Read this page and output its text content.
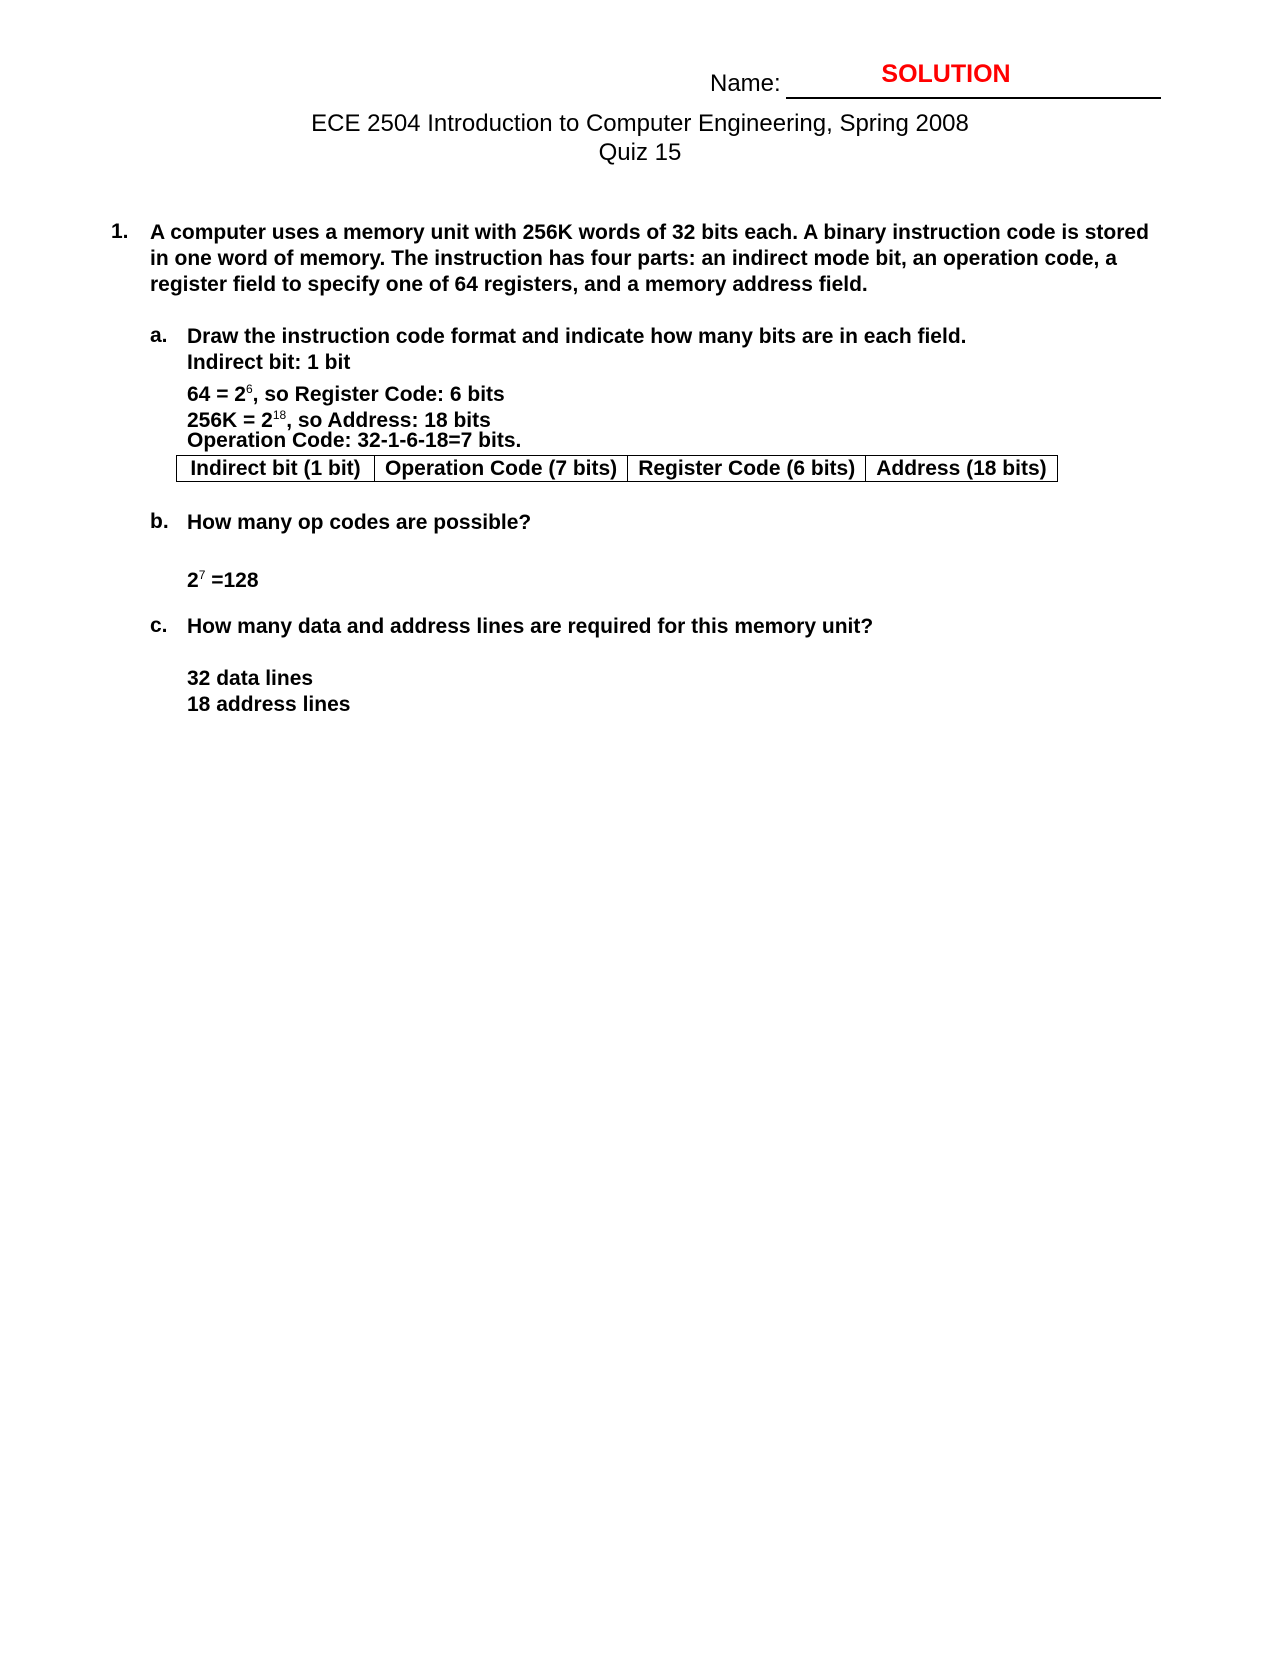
Name:	SOLUTION
ECE 2504 Introduction to Computer Engineering, Spring 2008
Quiz 15
1. A computer uses a memory unit with 256K words of 32 bits each. A binary instruction code is stored in one word of memory. The instruction has four parts: an indirect mode bit, an operation code, a register field to specify one of 64 registers, and a memory address field.
a. Draw the instruction code format and indicate how many bits are in each field.
Indirect bit: 1 bit
$64 = 2^6$, so Register Code: 6 bits
$256K = 2^{18}$, so Address: 18 bits
Operation Code: 32-1-6-18=7 bits.
Indirect bit (1 bit)	Operation Code (7 bits)	Register Code (6 bits)	Address (18 bits)
b. How many op codes are possible?
$2^7 =128$
c. How many data and address lines are required for this memory unit?
32 data lines
18 address lines
